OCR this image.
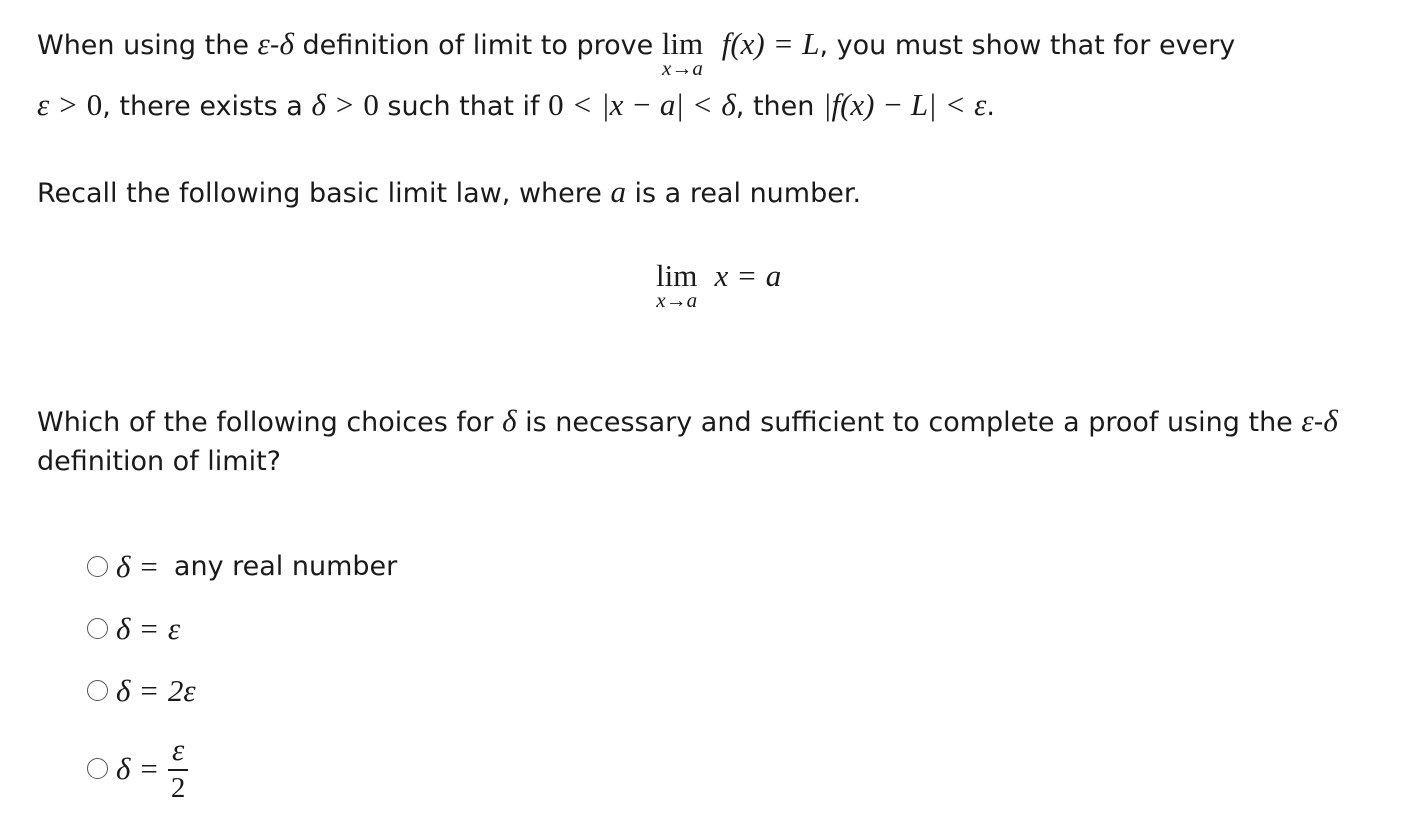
When using the ε-δ definition of limit to prove lim
x→a
f(x) = L, you must show that for every
ε > 0, there exists a δ > 0 such that if 0 < |x − a| < δ, then |f(x) − L| < ε.
Recall the following basic limit law, where a is a real number.
lim
x→a
x = a
Which of the following choices for δ is necessary and sufficient to complete a proof using the ε-δ
definition of limit?
δ = any real number
δ = ε
δ = 2ε
$\delta = \frac{\varepsilon}{2}$
